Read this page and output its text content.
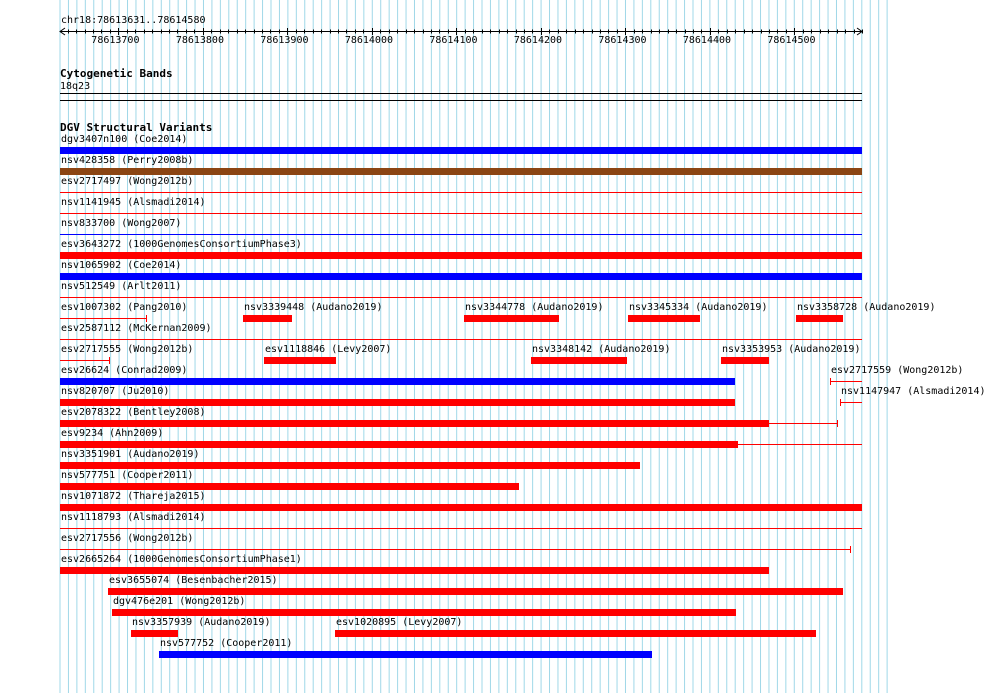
chr18:78613631..78614580
78613700	78613800	78613900	78614000	78614100	78614200	78614300	78614400	78614500
Cytogenetic Bands
18q23
DGV Structural Variants
dgv3407n100 (Coe2014)
nsv428358 (Perry2008b)
esv2717497 (Wong2012b)
nsv1141945 (Alsmadi2014)
nsv833700 (Wong2007)
esv3643272 (1000GenomesConsortiumPhase3)
nsv1065902 (Coe2014)
nsv512549 (Arlt2011)
esv1007302 (Pang2010)	nsv3339448 (Audano2019)	nsv3344778 (Audano2019)	nsv3345334 (Audano2019)	nsv3358728 (Audano2019)
esv2587112 (McKernan2009)
esv2717555 (Wong2012b)	esv1118846 (Levy2007)	nsv3348142 (Audano2019)	nsv3353953 (Audano2019)
esv26624 (Conrad2009)	esv2717559 (Wong2012b)
nsv820707 (Ju2010)	nsv1147947 (Alsmadi2014)
esv2078322 (Bentley2008)
esv9234 (Ahn2009)
nsv3351901 (Audano2019)
nsv577751 (Cooper2011)
nsv1071872 (Thareja2015)
nsv1118793 (Alsmadi2014)
esv2717556 (Wong2012b)
esv2665264 (1000GenomesConsortiumPhase1)
esv3655074 (Besenbacher2015)
dgv476e201 (Wong2012b)
nsv3357939 (Audano2019)	esv1020895 (Levy2007)
nsv577752 (Cooper2011)
